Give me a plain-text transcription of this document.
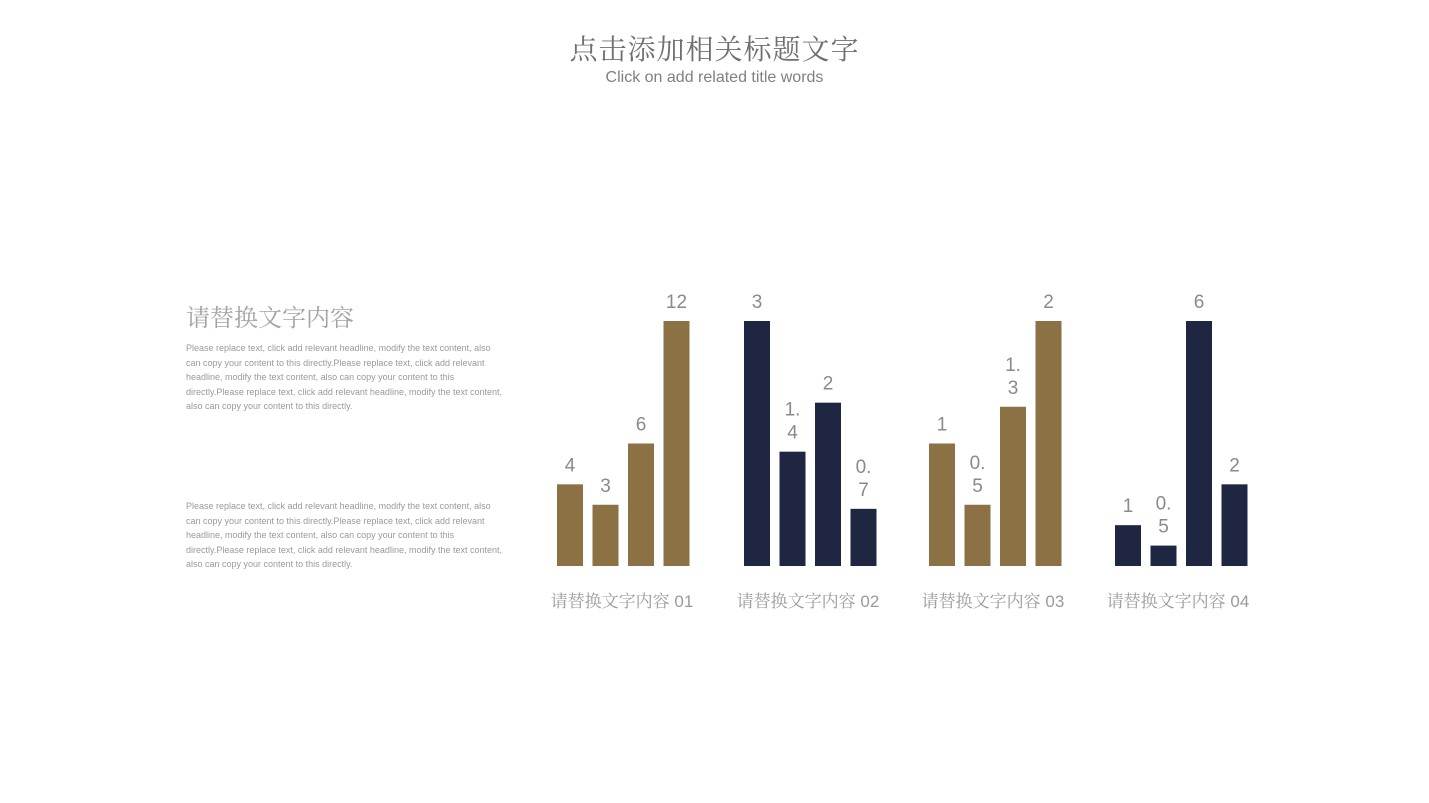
点击添加相关标题文字
Click on add related title words
请替换文字内容
Please replace text, click add relevant headline, modify the text content, also can copy your content to this directly.Please replace text, click add relevant headline, modify the text content, also can copy your content to this directly.Please replace text, click add relevant headline, modify the text content, also can copy your content to this directly.
Please replace text, click add relevant headline, modify the text content, also can copy your content to this directly.Please replace text, click add relevant headline, modify the text content, also can copy your content to this directly.Please replace text, click add relevant headline, modify the text content, also can copy your content to this directly.
4
3
6
12
请替换文字内容 01
3
1. 4
2
0. 7
请替换文字内容 02
1
0. 5
1. 3
2
请替换文字内容 03
1 0. 5
6
2
请替换文字内容 04
